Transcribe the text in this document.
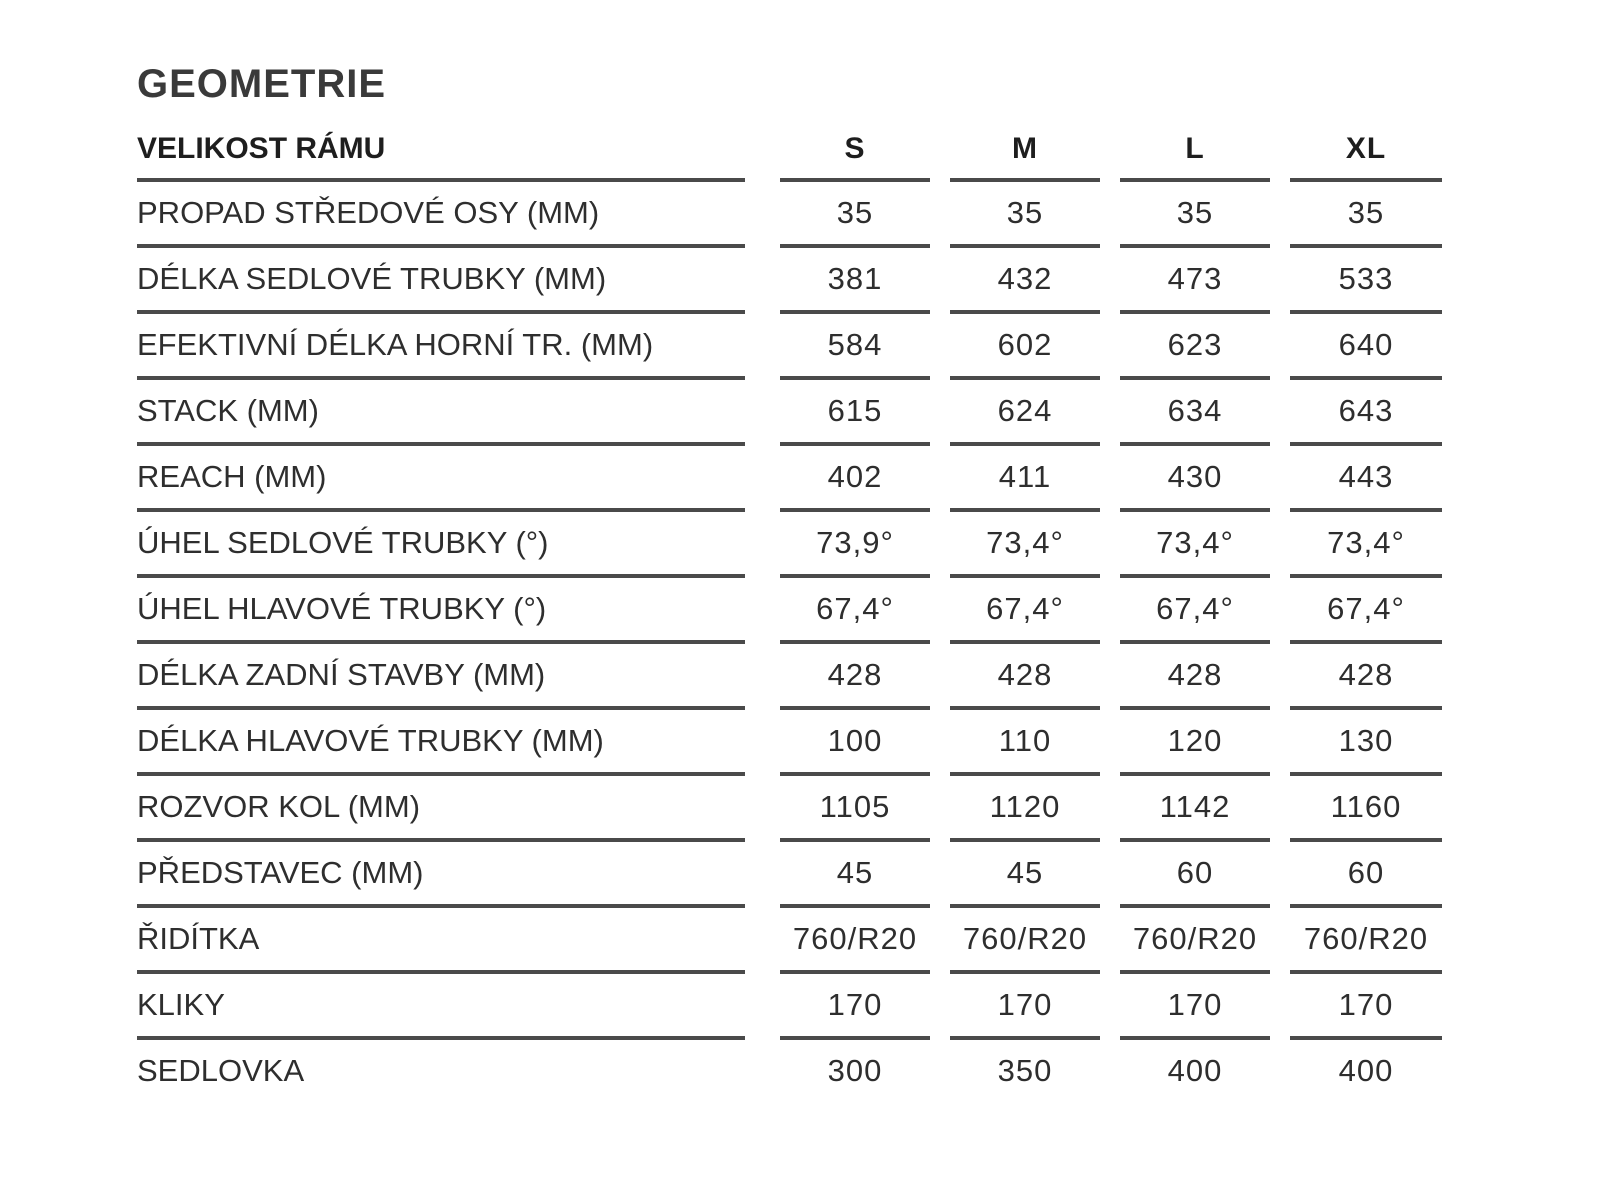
GEOMETRIE
VELIKOST RÁMU	S	M	L	XL

PROPAD STŘEDOVÉ OSY (MM)	35	35	35	35

DÉLKA SEDLOVÉ TRUBKY (MM)	381	432	473	533

EFEKTIVNÍ DÉLKA HORNÍ TR. (MM)	584	602	623	640

STACK (MM)	615	624	634	643

REACH (MM)	402	411	430	443

ÚHEL SEDLOVÉ TRUBKY (°)	73,9°	73,4°	73,4°	73,4°

ÚHEL HLAVOVÉ TRUBKY (°)	67,4°	67,4°	67,4°	67,4°

DÉLKA ZADNÍ STAVBY (MM)	428	428	428	428

DÉLKA HLAVOVÉ TRUBKY (MM)	100	110	120	130

ROZVOR KOL (MM)	1105	1120	1142	1160

PŘEDSTAVEC (MM)	45	45	60	60

ŘIDÍTKA	760/R20	760/R20	760/R20	760/R20

KLIKY	170	170	170	170

SEDLOVKA	300	350	400	400
